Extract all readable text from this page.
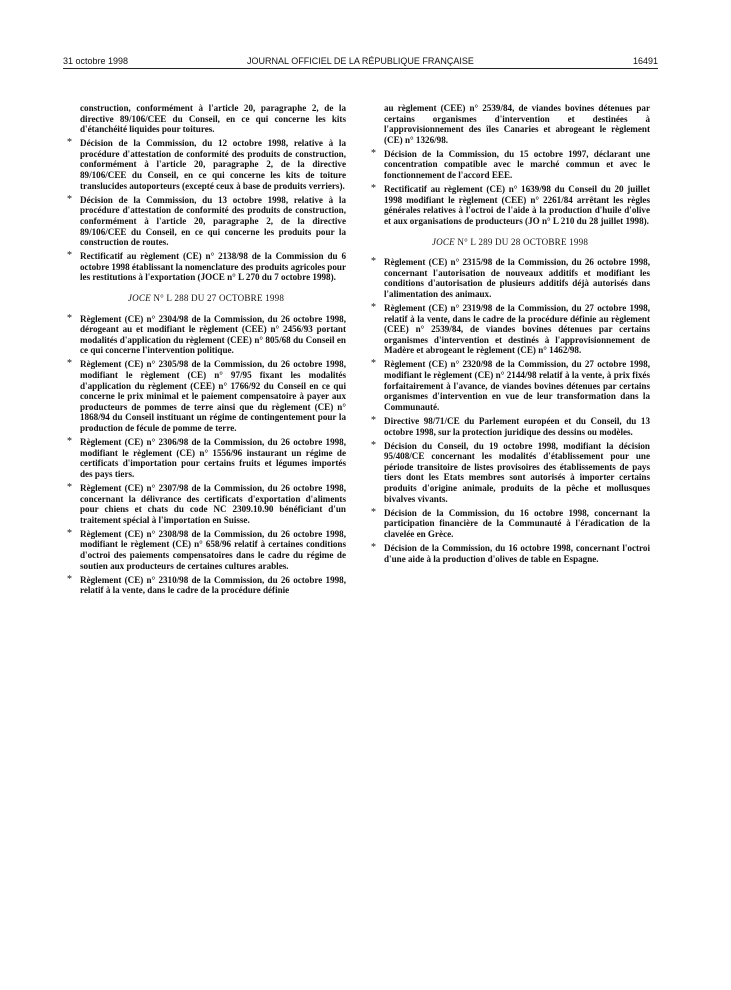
31 octobre 1998	JOURNAL OFFICIEL DE LA RÉPUBLIQUE FRANÇAISE	16491
construction, conformément à l'article 20, paragraphe 2, de la directive 89/106/CEE du Conseil, en ce qui concerne les kits d'étanchéité liquides pour toitures.
* Décision de la Commission, du 12 octobre 1998, relative à la procédure d'attestation de conformité des produits de construction, conformément à l'article 20, paragraphe 2, de la directive 89/106/CEE du Conseil, en ce qui concerne les kits de toiture translucides autoporteurs (excepté ceux à base de produits verriers).
* Décision de la Commission, du 13 octobre 1998, relative à la procédure d'attestation de conformité des produits de construction, conformément à l'article 20, paragraphe 2, de la directive 89/106/CEE du Conseil, en ce qui concerne les produits pour la construction de routes.
* Rectificatif au règlement (CE) n° 2138/98 de la Commission du 6 octobre 1998 établissant la nomenclature des produits agricoles pour les restitutions à l'exportation (JOCE n° L 270 du 7 octobre 1998).
JOCE N° L 288 DU 27 OCTOBRE 1998
* Règlement (CE) n° 2304/98 de la Commission, du 26 octobre 1998, dérogeant au et modifiant le règlement (CEE) n° 2456/93 portant modalités d'application du règlement (CEE) n° 805/68 du Conseil en ce qui concerne l'intervention politique.
* Règlement (CE) n° 2305/98 de la Commission, du 26 octobre 1998, modifiant le règlement (CE) n° 97/95 fixant les modalités d'application du règlement (CEE) n° 1766/92 du Conseil en ce qui concerne le prix minimal et le paiement compensatoire à payer aux producteurs de pommes de terre ainsi que du règlement (CE) n° 1868/94 du Conseil instituant un régime de contingentement pour la production de fécule de pomme de terre.
* Règlement (CE) n° 2306/98 de la Commission, du 26 octobre 1998, modifiant le règlement (CE) n° 1556/96 instaurant un régime de certificats d'importation pour certains fruits et légumes importés des pays tiers.
* Règlement (CE) n° 2307/98 de la Commission, du 26 octobre 1998, concernant la délivrance des certificats d'exportation d'aliments pour chiens et chats du code NC 2309.10.90 bénéficiant d'un traitement spécial à l'importation en Suisse.
* Règlement (CE) n° 2308/98 de la Commission, du 26 octobre 1998, modifiant le règlement (CE) n° 658/96 relatif à certaines conditions d'octroi des paiements compensatoires dans le cadre du régime de soutien aux producteurs de certaines cultures arables.
* Règlement (CE) n° 2310/98 de la Commission, du 26 octobre 1998, relatif à la vente, dans le cadre de la procédure définie
au règlement (CEE) n° 2539/84, de viandes bovines détenues par certains organismes d'intervention et destinées à l'approvisionnement des îles Canaries et abrogeant le règlement (CE) n° 1326/98.
* Décision de la Commission, du 15 octobre 1997, déclarant une concentration compatible avec le marché commun et avec le fonctionnement de l'accord EEE.
* Rectificatif au règlement (CE) n° 1639/98 du Conseil du 20 juillet 1998 modifiant le règlement (CEE) n° 2261/84 arrêtant les règles générales relatives à l'octroi de l'aide à la production d'huile d'olive et aux organisations de producteurs (JO n° L 210 du 28 juillet 1998).
JOCE N° L 289 DU 28 OCTOBRE 1998
* Règlement (CE) n° 2315/98 de la Commission, du 26 octobre 1998, concernant l'autorisation de nouveaux additifs et modifiant les conditions d'autorisation de plusieurs additifs déjà autorisés dans l'alimentation des animaux.
* Règlement (CE) n° 2319/98 de la Commission, du 27 octobre 1998, relatif à la vente, dans le cadre de la procédure définie au règlement (CEE) n° 2539/84, de viandes bovines détenues par certains organismes d'intervention et destinés à l'approvisionnement de Madère et abrogeant le règlement (CE) n° 1462/98.
* Règlement (CE) n° 2320/98 de la Commission, du 27 octobre 1998, modifiant le règlement (CE) n° 2144/98 relatif à la vente, à prix fixés forfaitairement à l'avance, de viandes bovines détenues par certains organismes d'intervention en vue de leur transformation dans la Communauté.
* Directive 98/71/CE du Parlement européen et du Conseil, du 13 octobre 1998, sur la protection juridique des dessins ou modèles.
* Décision du Conseil, du 19 octobre 1998, modifiant la décision 95/408/CE concernant les modalités d'établissement pour une période transitoire de listes provisoires des établissements de pays tiers dont les Etats membres sont autorisés à importer certains produits d'origine animale, produits de la pêche et mollusques bivalves vivants.
* Décision de la Commission, du 16 octobre 1998, concernant la participation financière de la Communauté à l'éradication de la clavelée en Grèce.
* Décision de la Commission, du 16 octobre 1998, concernant l'octroi d'une aide à la production d'olives de table en Espagne.
